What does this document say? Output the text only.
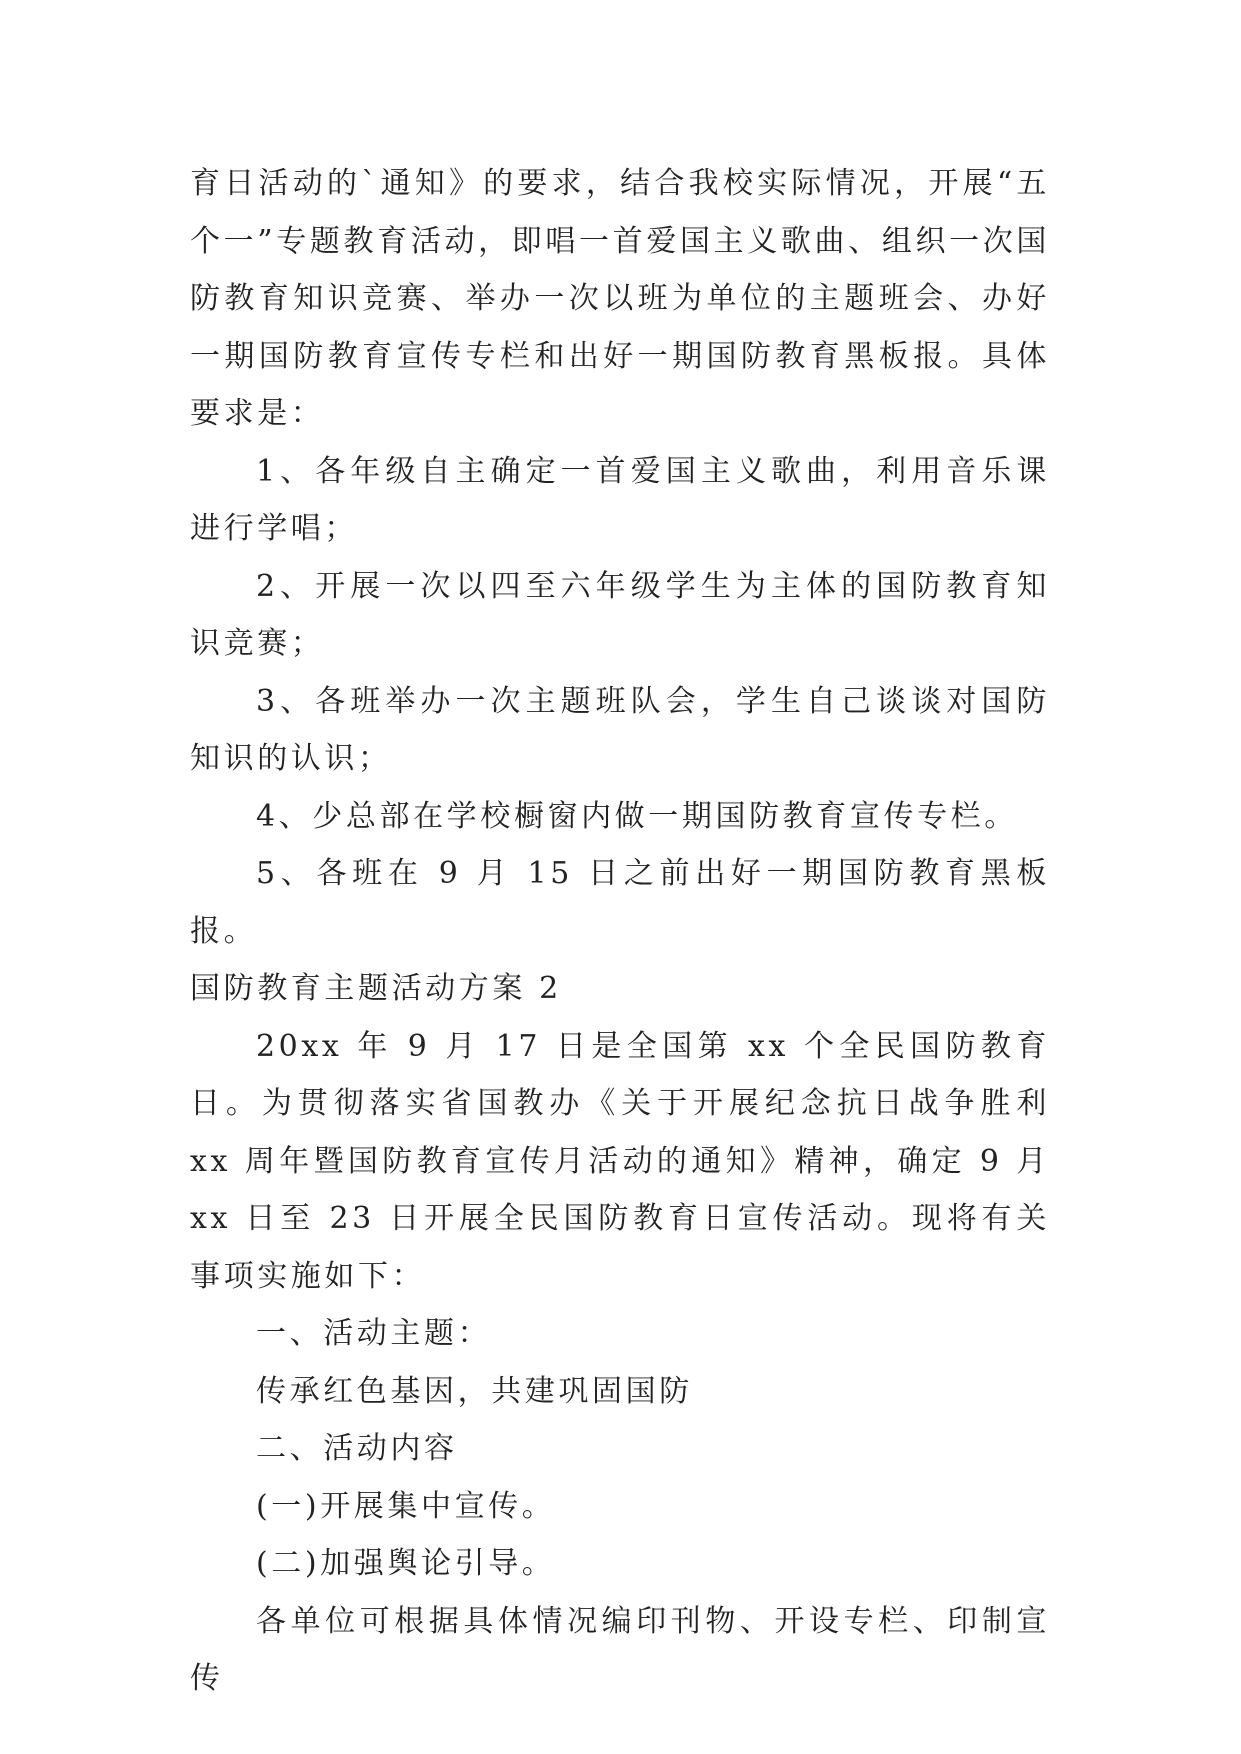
育日活动的`通知》的要求，结合我校实际情况，开展“五个一”专题教育活动，即唱一首爱国主义歌曲、组织一次国防教育知识竞赛、举办一次以班为单位的主题班会、办好一期国防教育宣传专栏和出好一期国防教育黑板报。具体要求是：

1、各年级自主确定一首爱国主义歌曲，利用音乐课进行学唱；

2、开展一次以四至六年级学生为主体的国防教育知识竞赛；

3、各班举办一次主题班队会，学生自己谈谈对国防知识的认识；

4、少总部在学校橱窗内做一期国防教育宣传专栏。

5、各班在 9 月 15 日之前出好一期国防教育黑板报。

国防教育主题活动方案 2

20xx 年 9 月 17 日是全国第 xx 个全民国防教育日。为贯彻落实省国教办《关于开展纪念抗日战争胜利 xx 周年暨国防教育宣传月活动的通知》精神，确定 9 月 xx 日至 23 日开展全民国防教育日宣传活动。现将有关事项实施如下：

一、活动主题：

传承红色基因，共建巩固国防

二、活动内容

(一)开展集中宣传。

(二)加强舆论引导。

各单位可根据具体情况编印刊物、开设专栏、印制宣传
